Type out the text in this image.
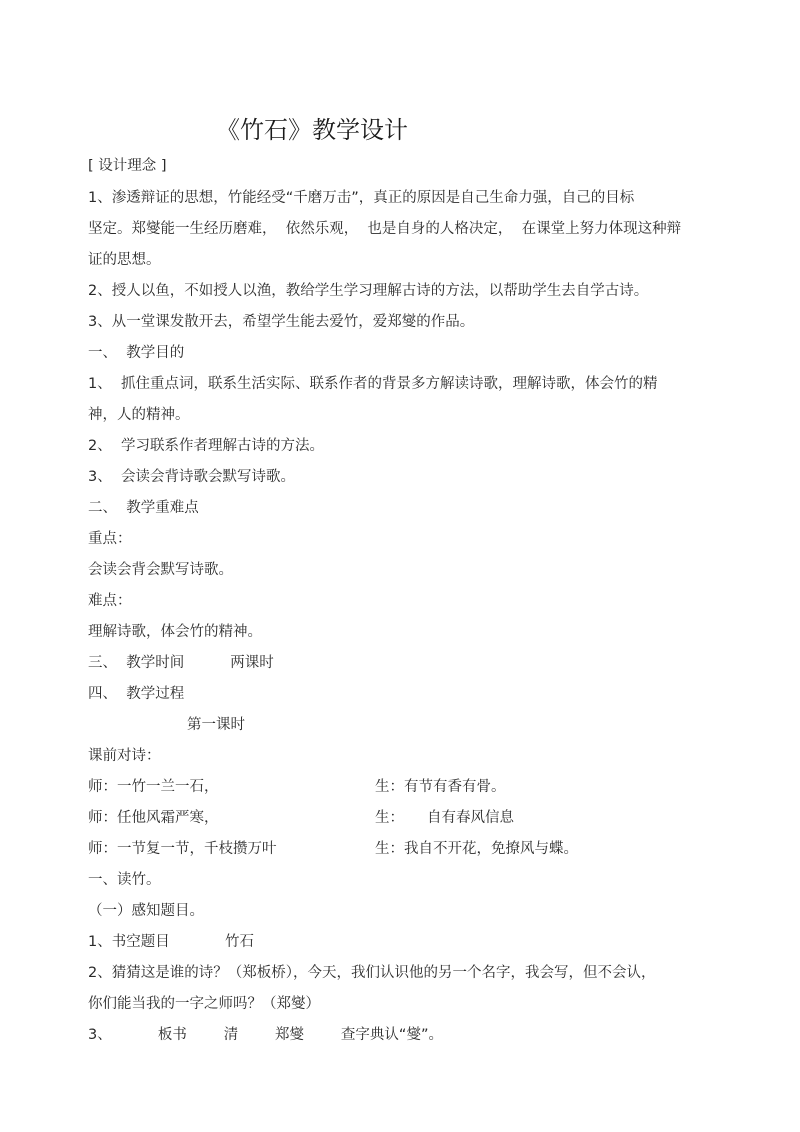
《竹石》教学设计
[ 设计理念 ]
1、渗透辩证的思想，竹能经受“千磨万击”，真正的原因是自己生命力强，自己的目标
坚定。郑燮能一生经历磨难，  依然乐观，  也是自身的人格决定，  在课堂上努力体现这种辩
证的思想。
2、授人以鱼，不如授人以渔，教给学生学习理解古诗的方法，以帮助学生去自学古诗。
3、从一堂课发散开去，希望学生能去爱竹，爱郑燮的作品。
一、  教学目的
1、  抓住重点词，联系生活实际、联系作者的背景多方解读诗歌，理解诗歌，体会竹的精
神，人的精神。
2、  学习联系作者理解古诗的方法。
3、  会读会背诗歌会默写诗歌。
二、  教学重难点
重点：
会读会背会默写诗歌。
难点：
理解诗歌，体会竹的精神。
三、  教学时间          两课时
四、  教学过程
第一课时
课前对诗：
师：一竹一兰一石，	生：有节有香有骨。
师：任他风霜严寒，	生：     自有春风信息
师：一节复一节，千枝攒万叶	生：我自不开花，免撩风与蝶。
一、读竹。
（一）感知题目。
1、书空题目            竹石
2、猜猜这是谁的诗？（郑板桥），今天，我们认识他的另一个名字，我会写，但不会认，
你们能当我的一字之师吗？（郑燮）
3、          板书        清        郑燮        查字典认“燮”。
